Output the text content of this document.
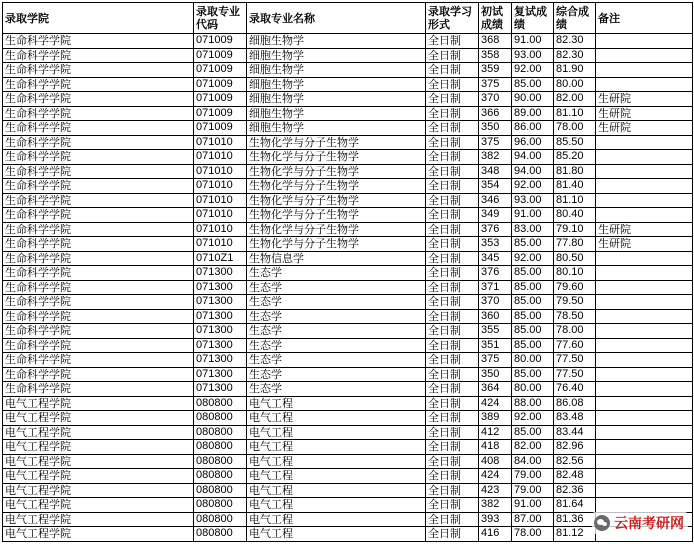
录取学院	录取专业代码	录取专业名称	录取学习形式	初试成绩	复试成绩	综合成绩	备注
生命科学学院	071009	细胞生物学	全日制	368	91.00	82.30	
生命科学学院	071009	细胞生物学	全日制	358	93.00	82.30	
生命科学学院	071009	细胞生物学	全日制	359	92.00	81.90	
生命科学学院	071009	细胞生物学	全日制	375	85.00	80.00	
生命科学学院	071009	细胞生物学	全日制	370	90.00	82.00	生研院
生命科学学院	071009	细胞生物学	全日制	366	89.00	81.10	生研院
生命科学学院	071009	细胞生物学	全日制	350	86.00	78.00	生研院
生命科学学院	071010	生物化学与分子生物学	全日制	375	96.00	85.50	
生命科学学院	071010	生物化学与分子生物学	全日制	382	94.00	85.20	
生命科学学院	071010	生物化学与分子生物学	全日制	348	94.00	81.80	
生命科学学院	071010	生物化学与分子生物学	全日制	354	92.00	81.40	
生命科学学院	071010	生物化学与分子生物学	全日制	346	93.00	81.10	
生命科学学院	071010	生物化学与分子生物学	全日制	349	91.00	80.40	
生命科学学院	071010	生物化学与分子生物学	全日制	376	83.00	79.10	生研院
生命科学学院	071010	生物化学与分子生物学	全日制	353	85.00	77.80	生研院
生命科学学院	0710Z1	生物信息学	全日制	345	92.00	80.50	
生命科学学院	071300	生态学	全日制	376	85.00	80.10	
生命科学学院	071300	生态学	全日制	371	85.00	79.60	
生命科学学院	071300	生态学	全日制	370	85.00	79.50	
生命科学学院	071300	生态学	全日制	360	85.00	78.50	
生命科学学院	071300	生态学	全日制	355	85.00	78.00	
生命科学学院	071300	生态学	全日制	351	85.00	77.60	
生命科学学院	071300	生态学	全日制	375	80.00	77.50	
生命科学学院	071300	生态学	全日制	350	85.00	77.50	
生命科学学院	071300	生态学	全日制	364	80.00	76.40	
电气工程学院	080800	电气工程	全日制	424	88.00	86.08	
电气工程学院	080800	电气工程	全日制	389	92.00	83.48	
电气工程学院	080800	电气工程	全日制	412	85.00	83.44	
电气工程学院	080800	电气工程	全日制	418	82.00	82.96	
电气工程学院	080800	电气工程	全日制	408	84.00	82.56	
电气工程学院	080800	电气工程	全日制	424	79.00	82.48	
电气工程学院	080800	电气工程	全日制	423	79.00	82.36	
电气工程学院	080800	电气工程	全日制	382	91.00	81.64	
电气工程学院	080800	电气工程	全日制	393	87.00	81.36	
电气工程学院	080800	电气工程	全日制	416	78.00	81.12	
云南考研网
